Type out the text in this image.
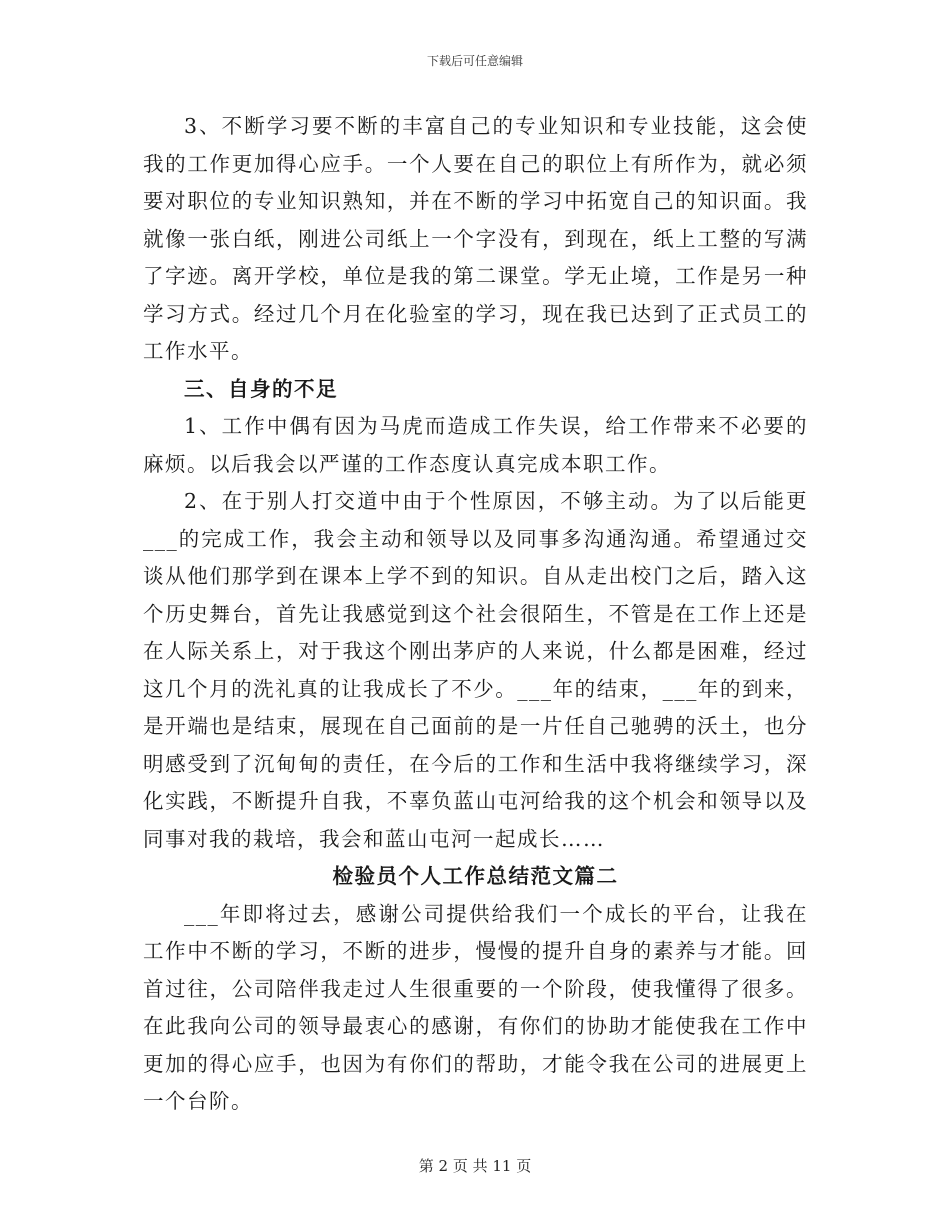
下载后可任意编辑

3、不断学习要不断的丰富自己的专业知识和专业技能，这会使我的工作更加得心应手。一个人要在自己的职位上有所作为，就必须要对职位的专业知识熟知，并在不断的学习中拓宽自己的知识面。我就像一张白纸，刚进公司纸上一个字没有，到现在，纸上工整的写满了字迹。离开学校，单位是我的第二课堂。学无止境，工作是另一种学习方式。经过几个月在化验室的学习，现在我已达到了正式员工的工作水平。

三、自身的不足

1、工作中偶有因为马虎而造成工作失误，给工作带来不必要的麻烦。以后我会以严谨的工作态度认真完成本职工作。

2、在于别人打交道中由于个性原因，不够主动。为了以后能更___的完成工作，我会主动和领导以及同事多沟通沟通。希望通过交谈从他们那学到在课本上学不到的知识。自从走出校门之后，踏入这个历史舞台，首先让我感觉到这个社会很陌生，不管是在工作上还是在人际关系上，对于我这个刚出茅庐的人来说，什么都是困难，经过这几个月的洗礼真的让我成长了不少。___年的结束，___年的到来，是开端也是结束，展现在自己面前的是一片任自己驰骋的沃土，也分明感受到了沉甸甸的责任，在今后的工作和生活中我将继续学习，深化实践，不断提升自我，不辜负蓝山屯河给我的这个机会和领导以及同事对我的栽培，我会和蓝山屯河一起成长……

检验员个人工作总结范文篇二

___年即将过去，感谢公司提供给我们一个成长的平台，让我在工作中不断的学习，不断的进步，慢慢的提升自身的素养与才能。回首过往，公司陪伴我走过人生很重要的一个阶段，使我懂得了很多。在此我向公司的领导最衷心的感谢，有你们的协助才能使我在工作中更加的得心应手，也因为有你们的帮助，才能令我在公司的进展更上一个台阶。

第 2 页 共 11 页
